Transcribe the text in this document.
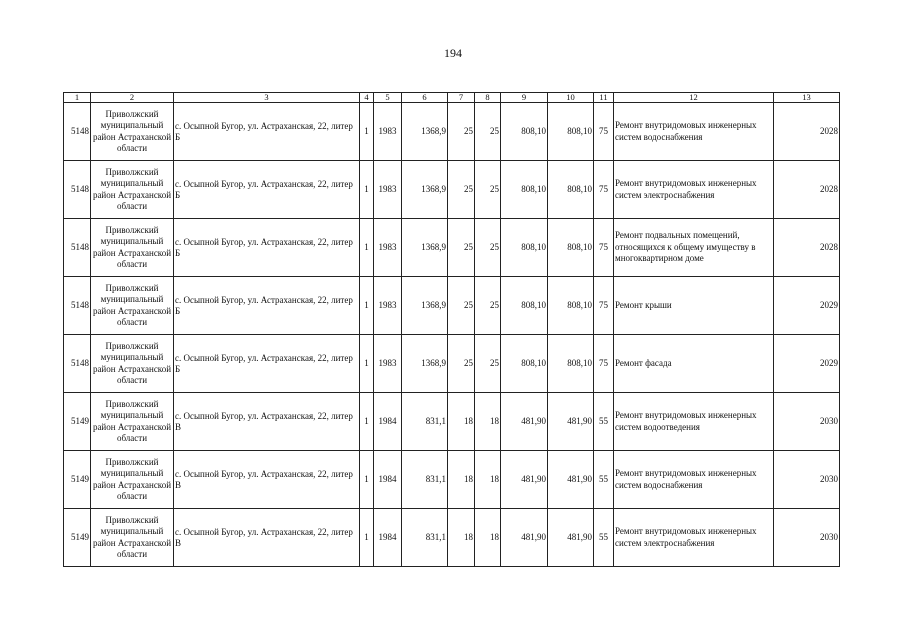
194
1	2	3	4	5	6	7	8	9	10	11	12	13
5148	Приволжский муниципальный район Астраханской области	с. Осыпной Бугор, ул. Астраханская, 22, литер Б	1	1983	1368,9	25	25	808,10	808,10	75	Ремонт внутридомовых инженерных систем водоснабжения	2028
5148	Приволжский муниципальный район Астраханской области	с. Осыпной Бугор, ул. Астраханская, 22, литер Б	1	1983	1368,9	25	25	808,10	808,10	75	Ремонт внутридомовых инженерных систем электроснабжения	2028
5148	Приволжский муниципальный район Астраханской области	с. Осыпной Бугор, ул. Астраханская, 22, литер Б	1	1983	1368,9	25	25	808,10	808,10	75	Ремонт подвальных помещений, относящихся к общему имуществу в многоквартирном доме	2028
5148	Приволжский муниципальный район Астраханской области	с. Осыпной Бугор, ул. Астраханская, 22, литер Б	1	1983	1368,9	25	25	808,10	808,10	75	Ремонт крыши	2029
5148	Приволжский муниципальный район Астраханской области	с. Осыпной Бугор, ул. Астраханская, 22, литер Б	1	1983	1368,9	25	25	808,10	808,10	75	Ремонт фасада	2029
5149	Приволжский муниципальный район Астраханской области	с. Осыпной Бугор, ул. Астраханская, 22, литер В	1	1984	831,1	18	18	481,90	481,90	55	Ремонт внутридомовых инженерных систем водоотведения	2030
5149	Приволжский муниципальный район Астраханской области	с. Осыпной Бугор, ул. Астраханская, 22, литер В	1	1984	831,1	18	18	481,90	481,90	55	Ремонт внутридомовых инженерных систем водоснабжения	2030
5149	Приволжский муниципальный район Астраханской области	с. Осыпной Бугор, ул. Астраханская, 22, литер В	1	1984	831,1	18	18	481,90	481,90	55	Ремонт внутридомовых инженерных систем электроснабжения	2030
